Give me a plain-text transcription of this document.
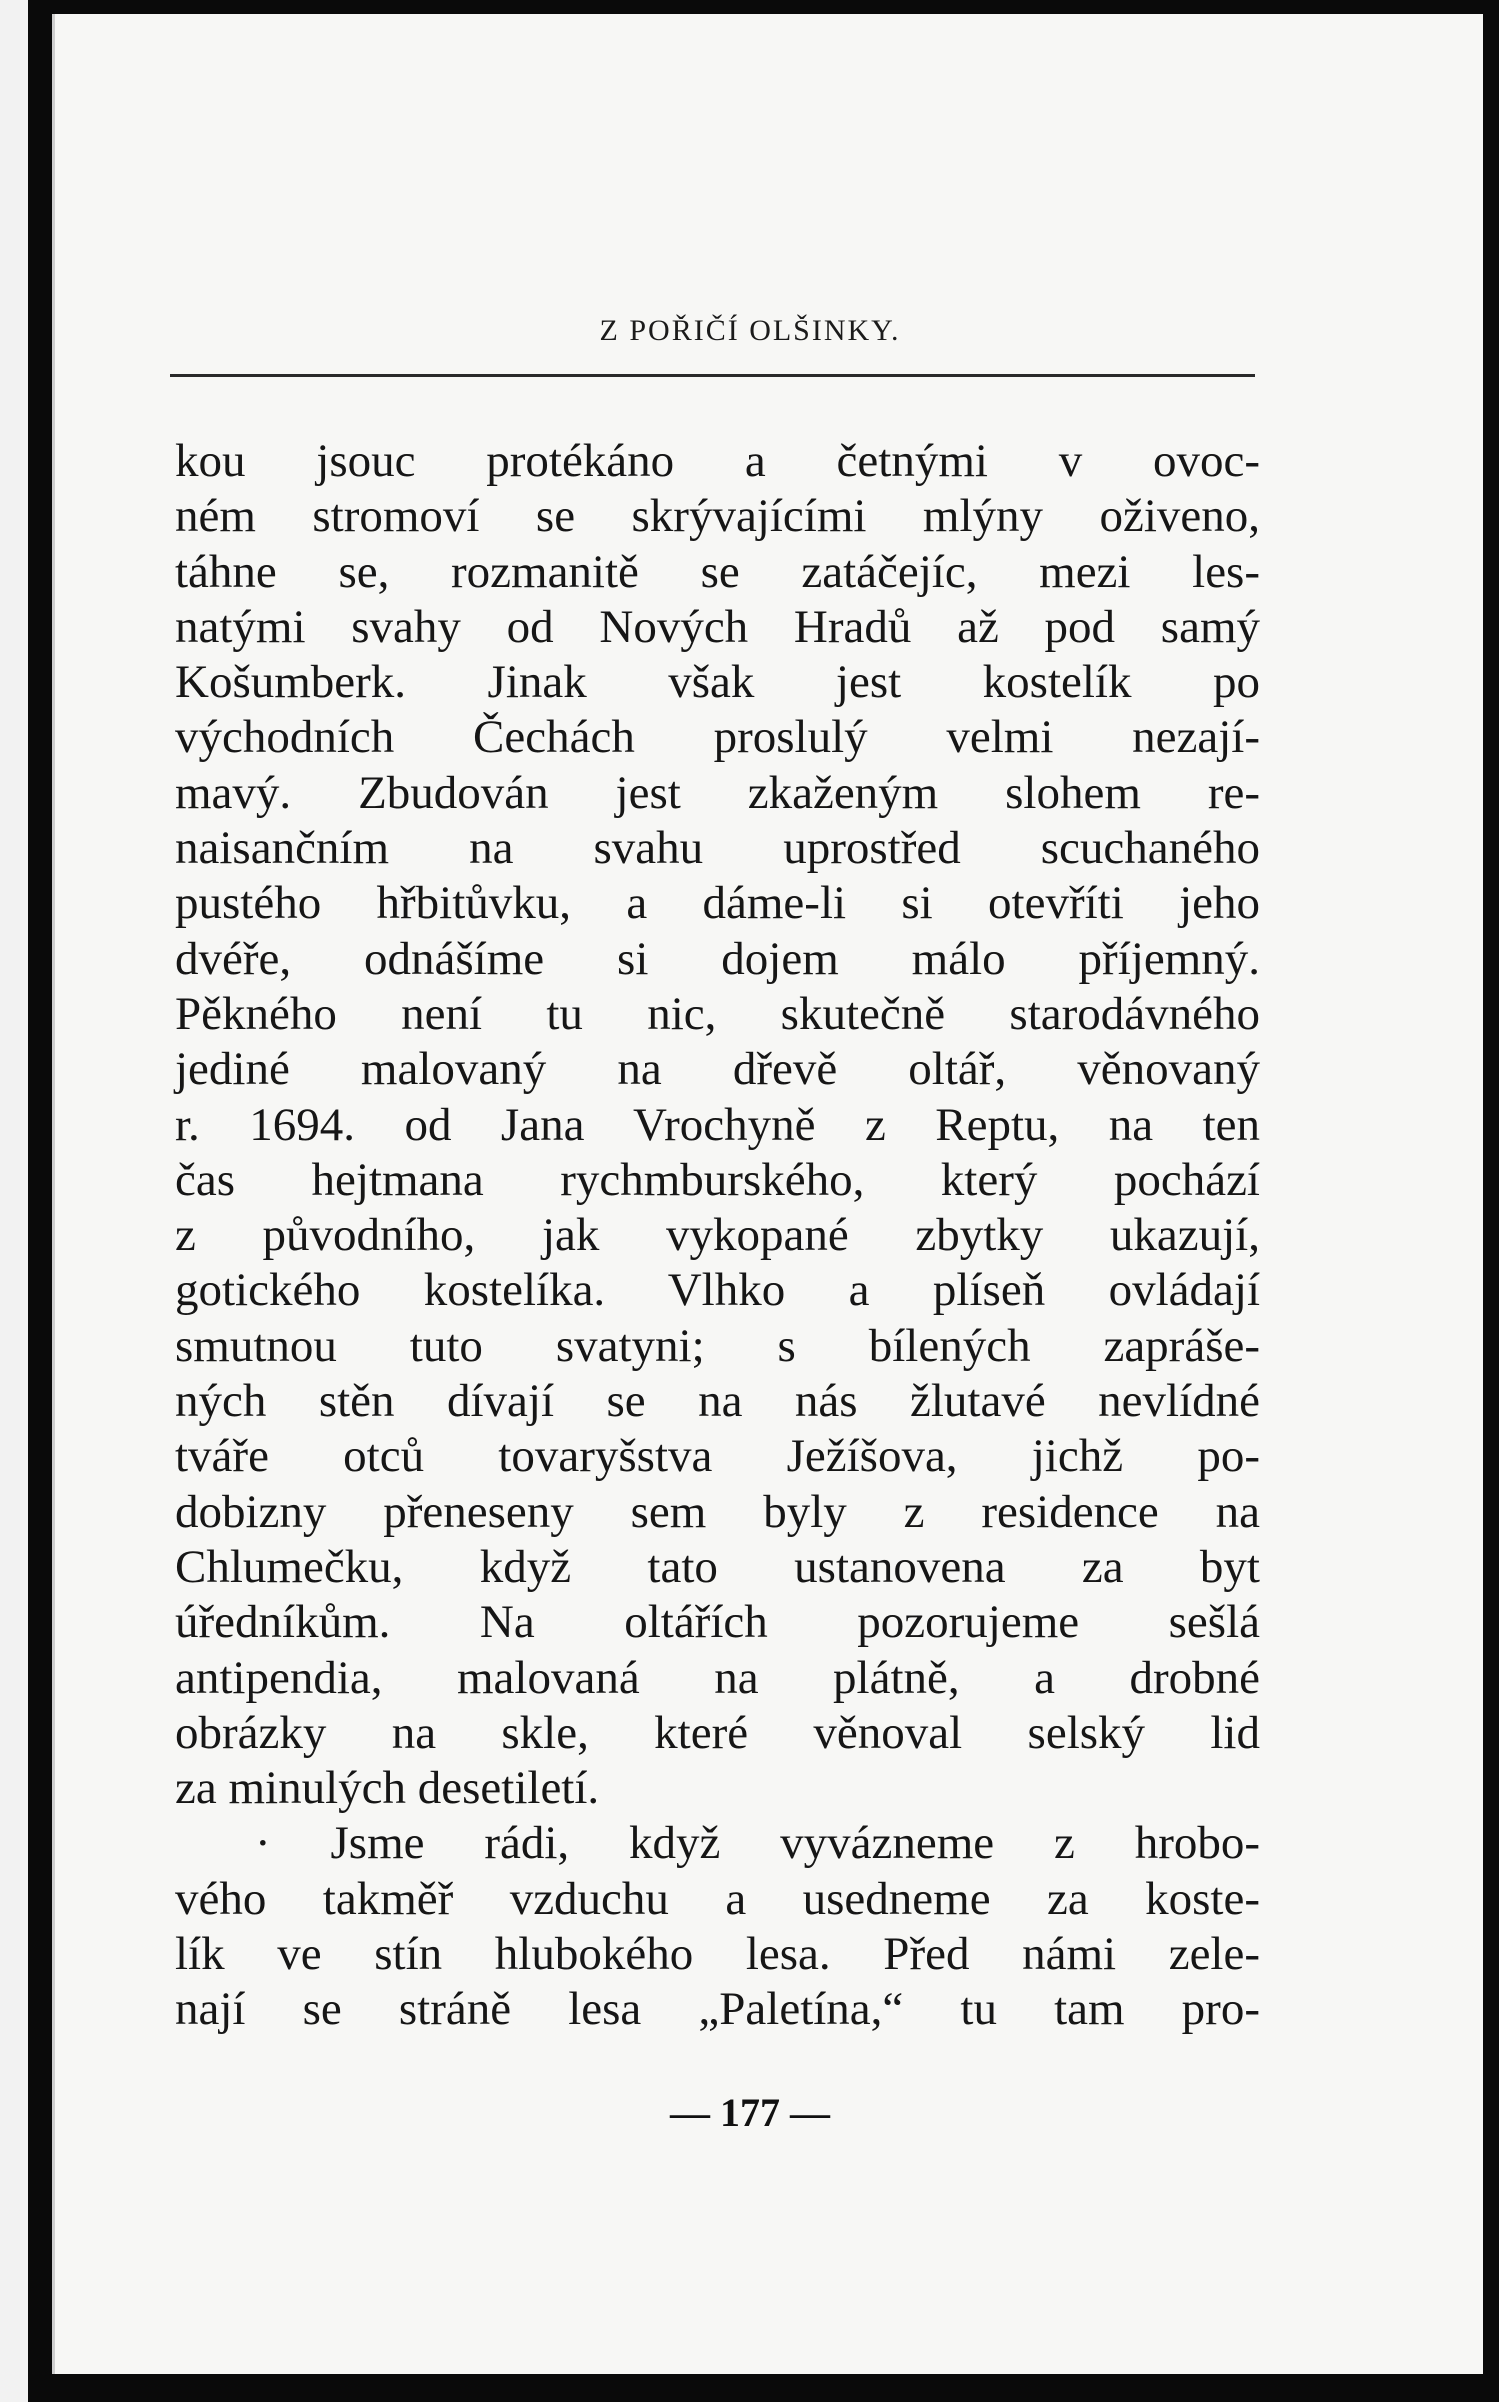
Z POŘIČÍ OLŠINKY.
kou jsouc protékáno a četnými v ovoc-
ném stromoví se skrývajícími mlýny oživeno,
táhne se, rozmanitě se zatáčejíc, mezi les-
natými svahy od Nových Hradů až pod samý
Košumberk. Jinak však jest kostelík po
východních Čechách proslulý velmi nezají-
mavý. Zbudován jest zkaženým slohem re-
naisančním na svahu uprostřed scuchaného
pustého hřbitůvku, a dáme-li si otevříti jeho
dvéře, odnášíme si dojem málo příjemný.
Pěkného není tu nic, skutečně starodávného
jediné malovaný na dřevě oltář, věnovaný
r. 1694. od Jana Vrochyně z Reptu, na ten
čas hejtmana rychmburského, který pochází
z původního, jak vykopané zbytky ukazují,
gotického kostelíka. Vlhko a plíseň ovládají
smutnou tuto svatyni; s bílených zapráše-
ných stěn dívají se na nás žlutavé nevlídné
tváře otců tovaryšstva Ježíšova, jichž po-
dobizny přeneseny sem byly z residence na
Chlumečku, když tato ustanovena za byt
úředníkům. Na oltářích pozorujeme sešlá
antipendia, malovaná na plátně, a drobné
obrázky na skle, které věnoval selský lid
za minulých desetiletí.
· Jsme rádi, když vyvázneme z hrobo-
vého takměř vzduchu a usedneme za koste-
lík ve stín hlubokého lesa. Před námi zele-
nají se stráně lesa „Paletína,“ tu tam pro-
— 177 —
